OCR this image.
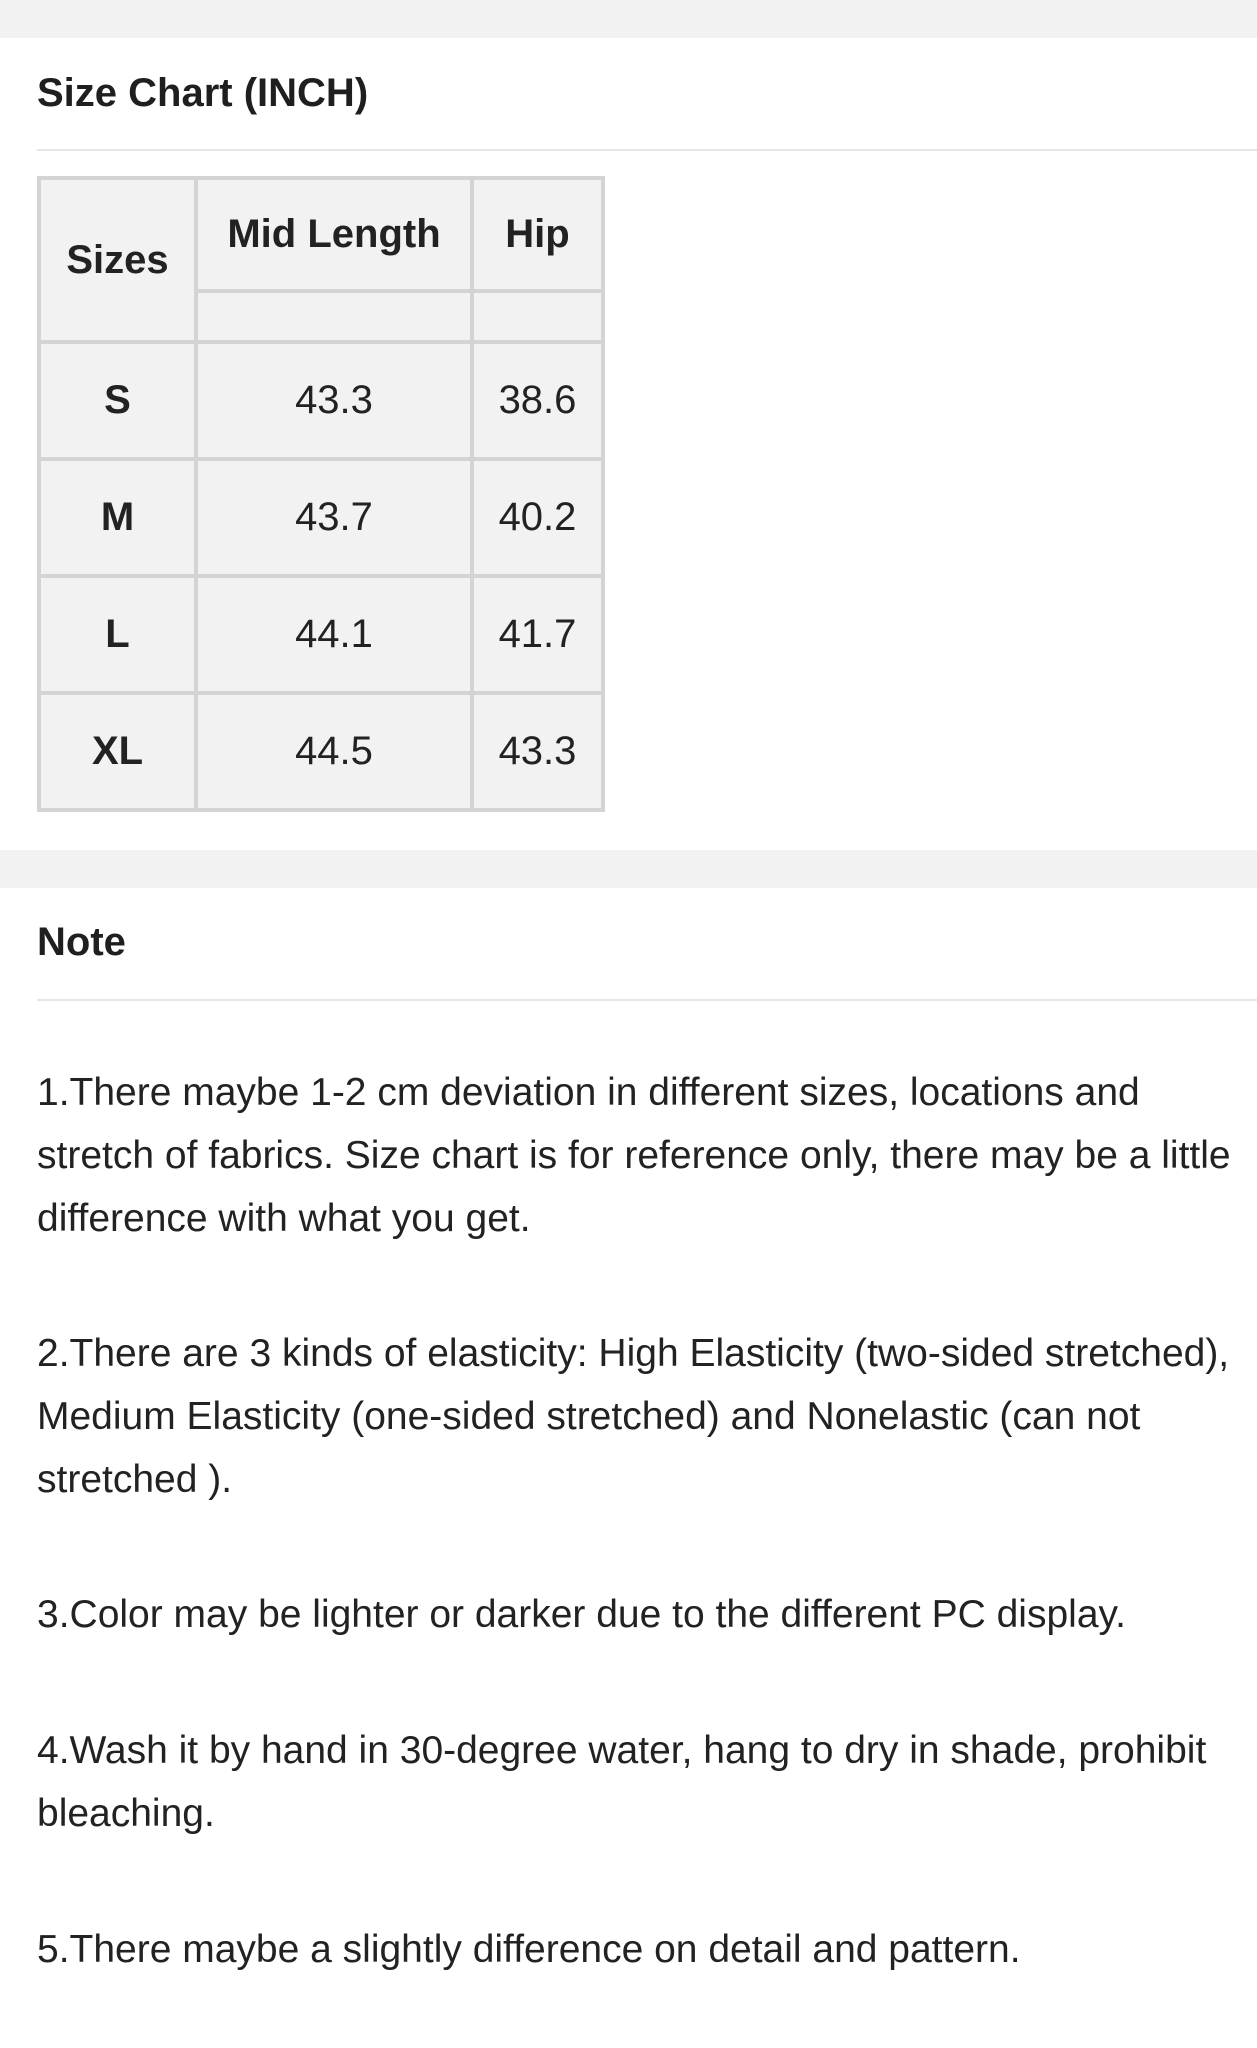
Size Chart (INCH)
Sizes	Mid Length	Hip

S	43.3	38.6
M	43.7	40.2
L	44.1	41.7
XL	44.5	43.3
Note

1.There maybe 1-2 cm deviation in different sizes, locations and stretch of fabrics. Size chart is for reference only, there may be a little difference with what you get.

2.There are 3 kinds of elasticity: High Elasticity (two-sided stretched), Medium Elasticity (one-sided stretched) and Nonelastic (can not stretched ).

3.Color may be lighter or darker due to the different PC display.

4.Wash it by hand in 30-degree water, hang to dry in shade, prohibit bleaching.

5.There maybe a slightly difference on detail and pattern.
